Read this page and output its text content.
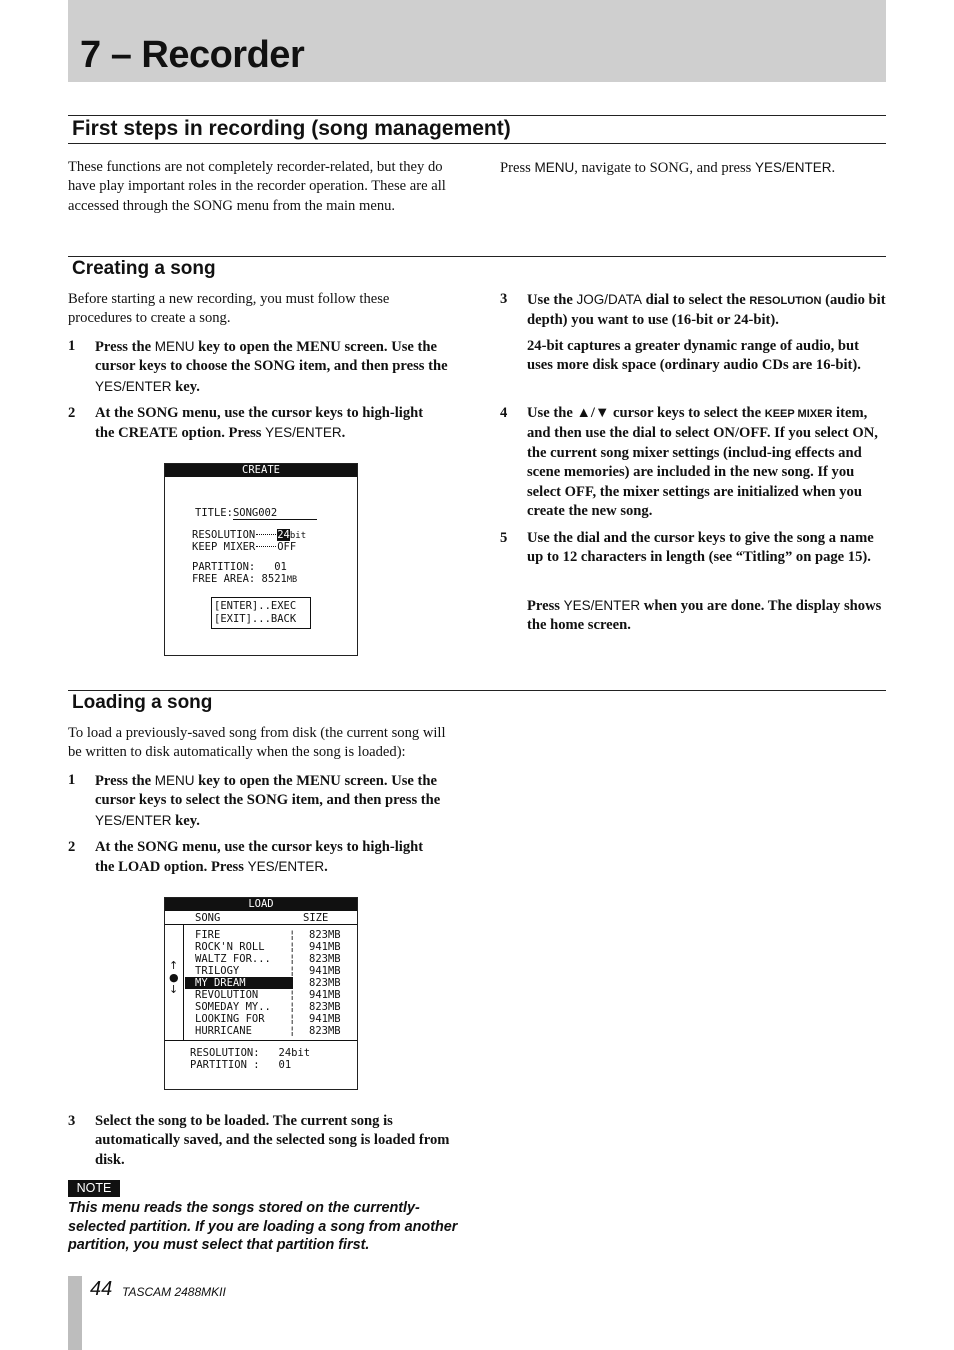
7 – Recorder
First steps in recording (song management)

These functions are not completely recorder-related, but they do have play important roles in the recorder operation. These are all accessed through the SONG menu from the main menu.

Press MENU, navigate to SONG, and press YES/ENTER.

Creating a song

Before starting a new recording, you must follow these procedures to create a song.

1 Press the MENU key to open the MENU screen. Use the cursor keys to choose the SONG item, and then press the YES/ENTER key.
2 At the SONG menu, use the cursor keys to high-light the CREATE option. Press YES/ENTER.
CREATE
TITLE:SONG002
RESOLUTION 24bit
KEEP MIXER OFF
PARTITION: 01
FREE AREA: 8521MB
[ENTER]..EXEC
[EXIT]...BACK
3 Use the JOG/DATA dial to select the RESOLUTION (audio bit depth) you want to use (16-bit or 24-bit).

24-bit captures a greater dynamic range of audio, but uses more disk space (ordinary audio CDs are 16-bit).

4 Use the ▲/▼ cursor keys to select the KEEP MIXER item, and then use the dial to select ON/OFF. If you select ON, the current song mixer settings (includ-ing effects and scene memories) are included in the new song. If you select OFF, the mixer settings are initialized when you create the new song.
5 Use the dial and the cursor keys to give the song a name up to 12 characters in length (see “Titling” on page 15).

Press YES/ENTER when you are done. The display shows the home screen.

Loading a song

To load a previously-saved song from disk (the current song will be written to disk automatically when the song is loaded):

1 Press the MENU key to open the MENU screen. Use the cursor keys to select the SONG item, and then press the YES/ENTER key.
2 At the SONG menu, use the cursor keys to high-light the LOAD option. Press YES/ENTER.
LOAD
SONG	SIZE
↑
●
↓
FIRE	¦ 823MB
ROCK'N ROLL	¦ 941MB
WALTZ FOR...	¦ 823MB
TRILOGY	¦ 941MB
MY DREAM	¦ 823MB
REVOLUTION	¦ 941MB
SOMEDAY MY..	¦ 823MB
LOOKING FOR	¦ 941MB
HURRICANE	¦ 823MB
RESOLUTION: 24bit
PARTITION : 01
3 Select the song to be loaded. The current song is automatically saved, and the selected song is loaded from disk.
NOTE

This menu reads the songs stored on the currently-selected partition. If you are loading a song from another partition, you must select that partition first.

44 TASCAM 2488MKII
